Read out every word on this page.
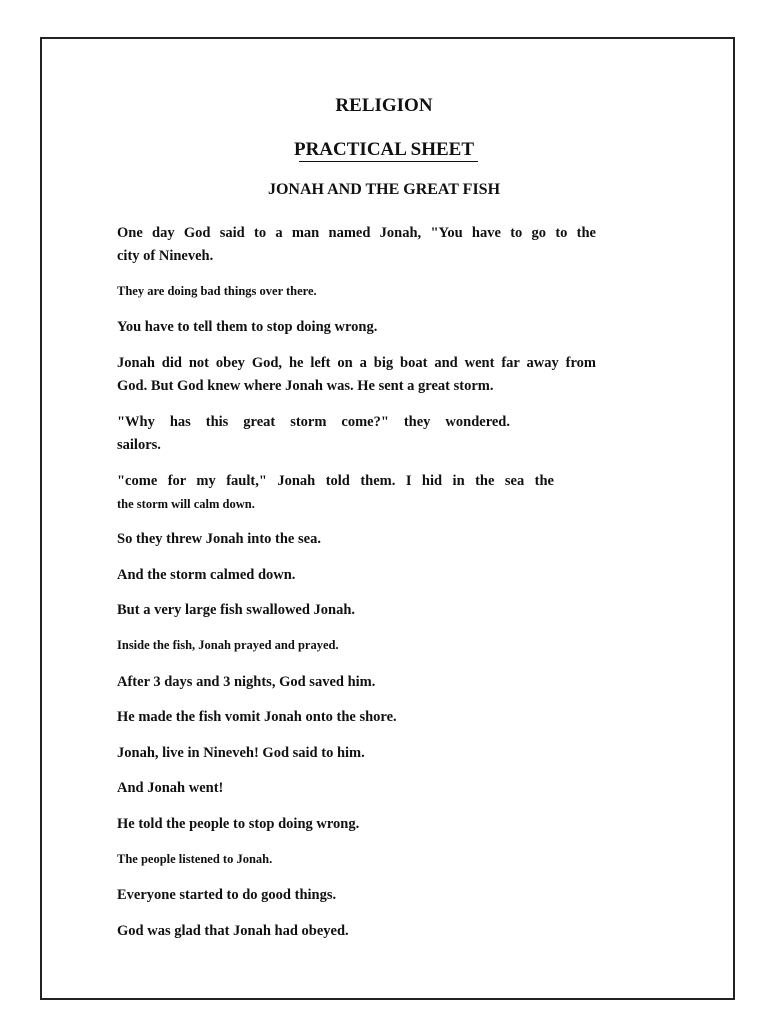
RELIGION
PRACTICAL SHEET
JONAH AND THE GREAT FISH

One day God said to a man named Jonah, "You have to go to the
city of Nineveh.

They are doing bad things over there.

You have to tell them to stop doing wrong.

Jonah did not obey God, he left on a big boat and went far away from
God. But God knew where Jonah was. He sent a great storm.

"Why has this great storm come?" they wondered.
sailors.

"come for my fault," Jonah told them. I hid in the sea the
the storm will calm down.

So they threw Jonah into the sea.

And the storm calmed down.

But a very large fish swallowed Jonah.

Inside the fish, Jonah prayed and prayed.

After 3 days and 3 nights, God saved him.

He made the fish vomit Jonah onto the shore.

Jonah, live in Nineveh! God said to him.

And Jonah went!

He told the people to stop doing wrong.

The people listened to Jonah.

Everyone started to do good things.

God was glad that Jonah had obeyed.
